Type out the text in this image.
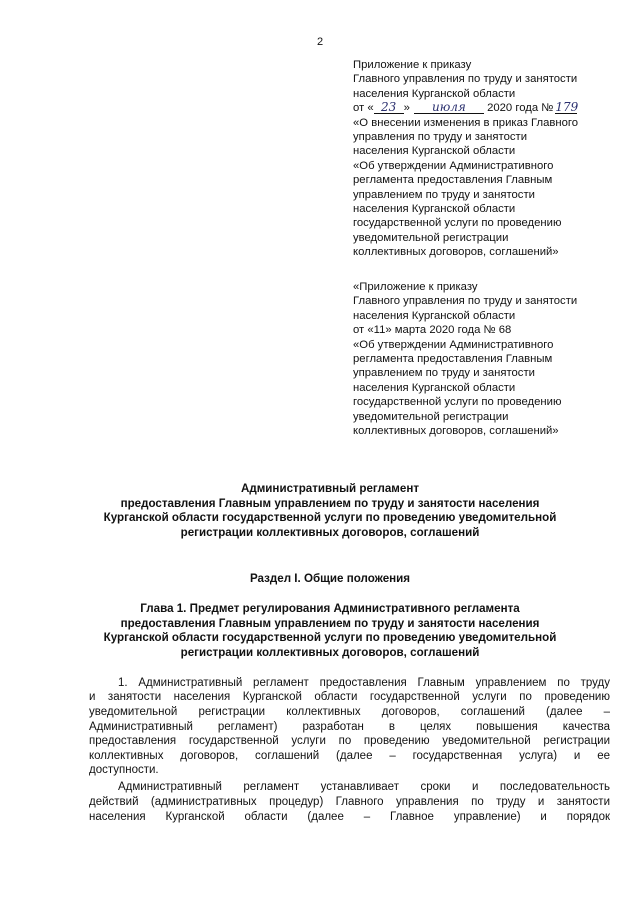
2
Приложение к приказу
Главного управления по труду и занятости
населения Курганской области
от « 23 » июля 2020 года № 179
«О внесении изменения в приказ Главного
управления по труду и занятости
населения Курганской области
«Об утверждении Административного
регламента предоставления Главным
управлением по труду и занятости
населения Курганской области
государственной услуги по проведению
уведомительной регистрации
коллективных договоров, соглашений»
«Приложение к приказу
Главного управления по труду и занятости
населения Курганской области
от «11» марта 2020 года № 68
«Об утверждении Административного
регламента предоставления Главным
управлением по труду и занятости
населения Курганской области
государственной услуги по проведению
уведомительной регистрации
коллективных договоров, соглашений»
Административный регламент
предоставления Главным управлением по труду и занятости населения
Курганской области государственной услуги по проведению уведомительной
регистрации коллективных договоров, соглашений
Раздел I. Общие положения
Глава 1. Предмет регулирования Административного регламента
предоставления Главным управлением по труду и занятости населения
Курганской области государственной услуги по проведению уведомительной
регистрации коллективных договоров, соглашений
1. Административный регламент предоставления Главным управлением по труду
и занятости населения Курганской области государственной услуги по проведению
уведомительной регистрации коллективных договоров, соглашений (далее –
Административный регламент) разработан в целях повышения качества
предоставления государственной услуги по проведению уведомительной регистрации
коллективных договоров, соглашений (далее – государственная услуга) и ее
доступности.
Административный регламент устанавливает сроки и последовательность
действий (административных процедур) Главного управления по труду и занятости
населения Курганской области (далее – Главное управление) и порядок
